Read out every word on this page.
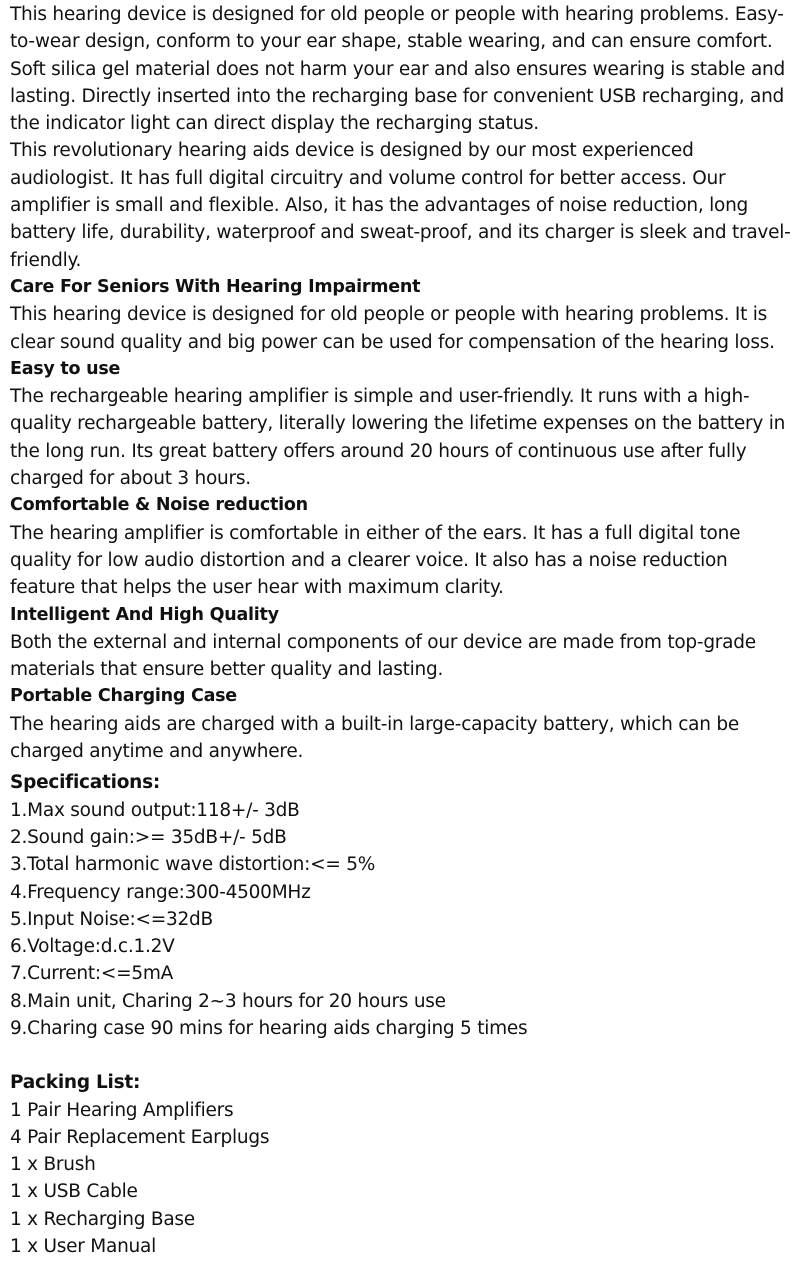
This hearing device is designed for old people or people with hearing problems. Easy-to-wear design, conform to your ear shape, stable wearing, and can ensure comfort. Soft silica gel material does not harm your ear and also ensures wearing is stable and lasting. Directly inserted into the recharging base for convenient USB recharging, and the indicator light can direct display the recharging status.

This revolutionary hearing aids device is designed by our most experienced audiologist. It has full digital circuitry and volume control for better access. Our amplifier is small and flexible. Also, it has the advantages of noise reduction, long battery life, durability, waterproof and sweat-proof, and its charger is sleek and travel-friendly.

Care For Seniors With Hearing Impairment

This hearing device is designed for old people or people with hearing problems. It is clear sound quality and big power can be used for compensation of the hearing loss.

Easy to use

The rechargeable hearing amplifier is simple and user-friendly. It runs with a high-quality rechargeable battery, literally lowering the lifetime expenses on the battery in the long run. Its great battery offers around 20 hours of continuous use after fully charged for about 3 hours.

Comfortable & Noise reduction

The hearing amplifier is comfortable in either of the ears. It has a full digital tone quality for low audio distortion and a clearer voice. It also has a noise reduction feature that helps the user hear with maximum clarity.

Intelligent And High Quality

Both the external and internal components of our device are made from top-grade materials that ensure better quality and lasting.

Portable Charging Case

The hearing aids are charged with a built-in large-capacity battery, which can be charged anytime and anywhere.

Specifications:

1.Max sound output:118+/- 3dB

2.Sound gain:>= 35dB+/- 5dB

3.Total harmonic wave distortion:<= 5%

4.Frequency range:300-4500MHz

5.Input Noise:<=32dB

6.Voltage:d.c.1.2V

7.Current:<=5mA

8.Main unit, Charing 2~3 hours for 20 hours use

9.Charing case 90 mins for hearing aids charging 5 times

Packing List:

1 Pair Hearing Amplifiers

4 Pair Replacement Earplugs

1 x Brush

1 x USB Cable

1 x Recharging Base

1 x User Manual
